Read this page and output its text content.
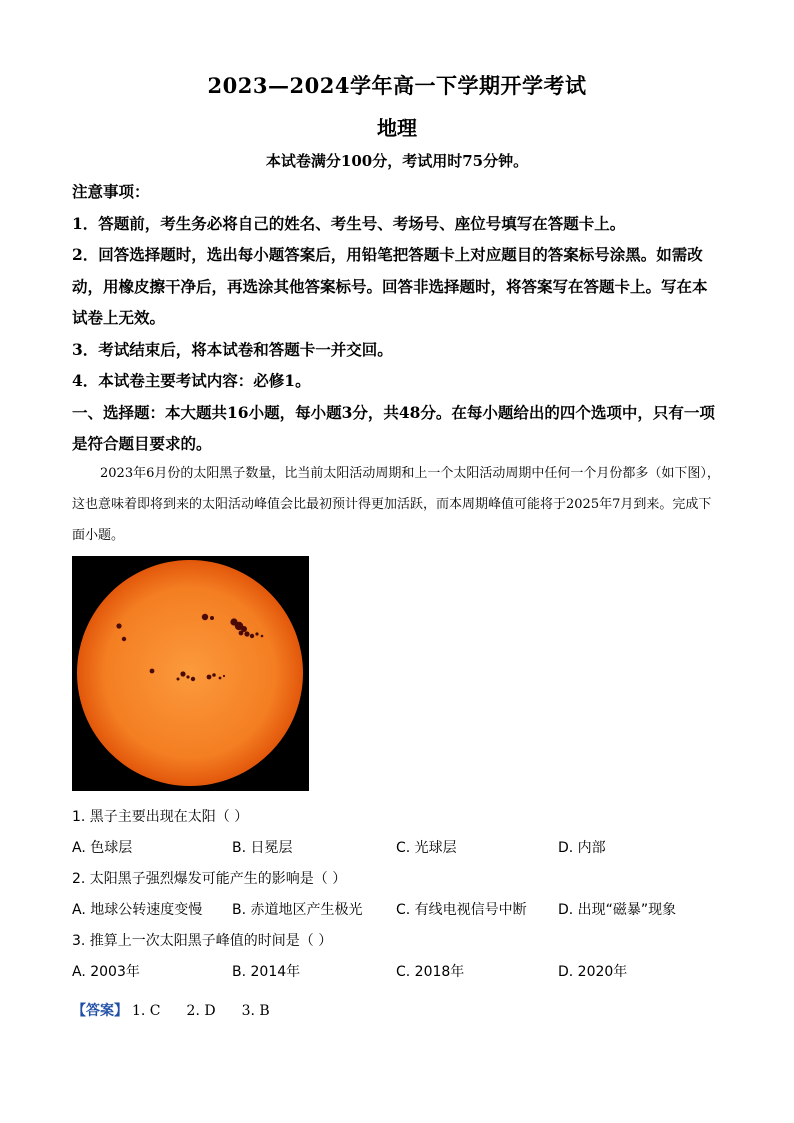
2023—2024学年高一下学期开学考试
地理
本试卷满分100分，考试用时75分钟。

注意事项：

1．答题前，考生务必将自己的姓名、考生号、考场号、座位号填写在答题卡上。

2．回答选择题时，选出每小题答案后，用铅笔把答题卡上对应题目的答案标号涂黑。如需改动，用橡皮擦干净后，再选涂其他答案标号。回答非选择题时，将答案写在答题卡上。写在本试卷上无效。

3．考试结束后，将本试卷和答题卡一并交回。

4．本试卷主要考试内容：必修1。

一、选择题：本大题共16小题，每小题3分，共48分。在每小题给出的四个选项中，只有一项是符合题目要求的。

2023年6月份的太阳黑子数量，比当前太阳活动周期和上一个太阳活动周期中任何一个月份都多（如下图），这也意味着即将到来的太阳活动峰值会比最初预计得更加活跃，而本周期峰值可能将于2025年7月到来。完成下面小题。
1. 黑子主要出现在太阳（ ）
A. 色球层	B. 日冕层	C. 光球层	D. 内部
2. 太阳黑子强烈爆发可能产生的影响是（ ）
A. 地球公转速度变慢 B. 赤道地区产生极光 C. 有线电视信号中断 D. 出现“磁暴”现象
3. 推算上一次太阳黑子峰值的时间是（ ）
A. 2003年	B. 2014年	C. 2018年	D. 2020年
【答案】 1. C 2. D 3. B
